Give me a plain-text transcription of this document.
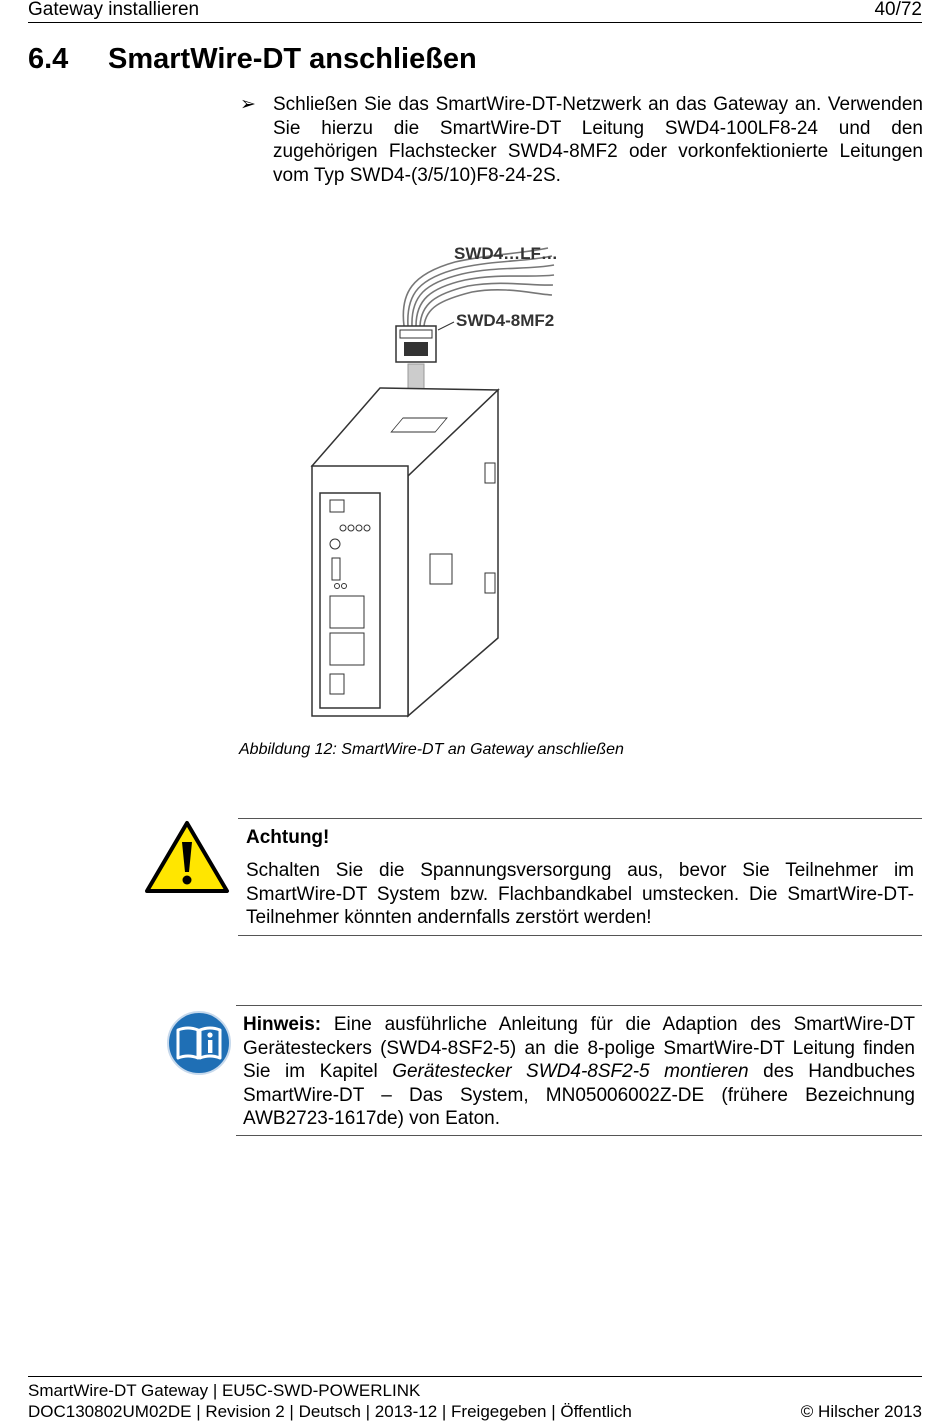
Gateway installieren	40/72
6.4 SmartWire-DT anschließen
➢ Schließen Sie das SmartWire-DT-Netzwerk an das Gateway an. Verwenden Sie hierzu die SmartWire-DT Leitung SWD4-100LF8-24 und den zugehörigen Flachstecker SWD4-8MF2 oder vorkonfektionierte Leitungen vom Typ SWD4-(3/5/10)F8-24-2S.
SWD4…LF…
SWD4-8MF2
Abbildung 12: SmartWire-DT an Gateway anschließen
Achtung!
Schalten Sie die Spannungsversorgung aus, bevor Sie Teilnehmer im SmartWire-DT System bzw. Flachbandkabel umstecken. Die SmartWire-DT-Teilnehmer könnten andernfalls zerstört werden!
Hinweis: Eine ausführliche Anleitung für die Adaption des SmartWire-DT Gerätesteckers (SWD4-8SF2-5) an die 8-polige SmartWire-DT Leitung finden Sie im Kapitel Gerätestecker SWD4-8SF2-5 montieren des Handbuches SmartWire-DT – Das System, MN05006002Z-DE (frühere Bezeichnung AWB2723-1617de) von Eaton.
SmartWire-DT Gateway | EU5C-SWD-POWERLINK
DOC130802UM02DE | Revision 2 | Deutsch | 2013-12 | Freigegeben | Öffentlich	© Hilscher 2013
